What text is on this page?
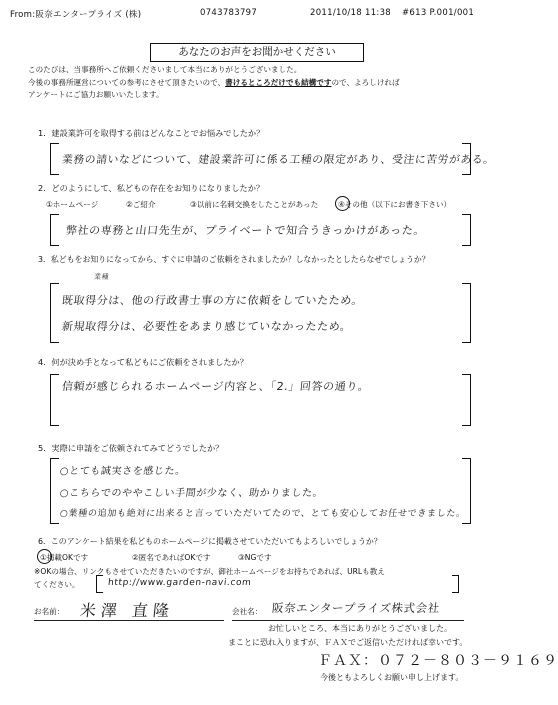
From:阪奈エンタープライズ (株)	0743783797	2011/10/18 11:38 #613 P.001/001
あなたのお声をお聞かせください
このたびは、当事務所へご依頼くださいまして本当にありがとうございました。
今後の事務所運営についての参考にさせて頂きたいので、書けるところだけでも結構ですので、よろしければ
アンケートにご協力お願いいたします。
1．建設業許可を取得する前はどんなことでお悩みでしたか？
業務の請いなどについて、建設業許可に係る工種の限定があり、受注に苦労がある。
2．どのようにして、私どもの存在をお知りになりましたか？
①ホームページ	②ご紹介	③以前に名刺交換をしたことがあった	④その他（以下にお書き下さい）
弊社の専務と山口先生が、プライベートで知合うきっかけがあった。
3．私どもをお知りになってから、すぐに申請のご依頼をされましたか？しなかったとしたらなぜでしょうか？
業種
既取得分は、他の行政書士事の方に依頼をしていたため。
新規取得分は、必要性をあまり感じていなかったため。
4．何が決め手となって私どもにご依頼をされましたか？
信頼が感じられるホームページ内容と、「2.」回答の通り。
5．実際に申請をご依頼されてみてどうでしたか？
○とても誠実さを感じた。
○こちらでのややこしい手間が少なく、助かりました。
○業種の追加も絶対に出来ると言っていただいてたので、とても安心してお任せできました。
6．このアンケート結果を私どものホームページに掲載させていただいてもよろしいでしょうか？
①掲載OKです	②匿名であればOKです	③NGです
※OKの場合、リンクもさせていただきたいのですが、御社ホームページをお持ちであれば、URLも教え
てください。	http://www.garden-navi.com
お名前： 米澤 直隆	会社名： 阪奈エンタープライズ株式会社
お忙しいところ、本当にありがとうございました。
まことに恐れ入りますが、ＦＡＸでご返信いただければ幸いです。
ＦＡＸ：０７２－８０３－９１６９
今後ともよろしくお願い申し上げます。
